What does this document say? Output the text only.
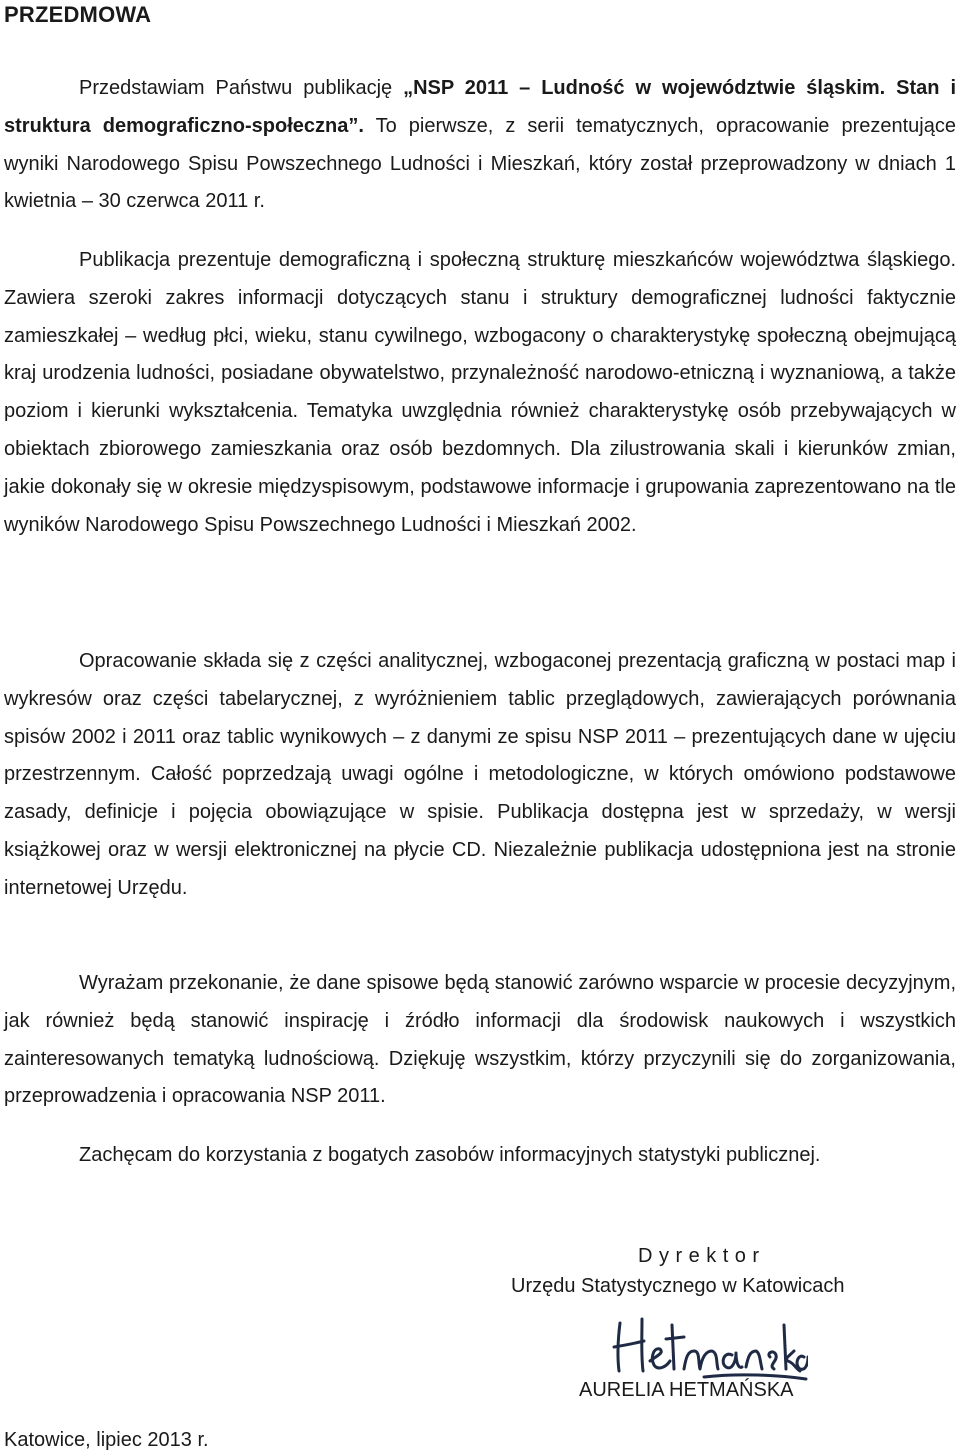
PRZEDMOWA

Przedstawiam Państwu publikację „NSP 2011 – Ludność w województwie śląskim. Stan i struktura demograficzno-społeczna”. To pierwsze, z serii tematycznych, opracowanie prezentujące wyniki Narodowego Spisu Powszechnego Ludności i Mieszkań, który został przeprowadzony w dniach 1 kwietnia – 30 czerwca 2011 r.

Publikacja prezentuje demograficzną i społeczną strukturę mieszkańców województwa śląskiego. Zawiera szeroki zakres informacji dotyczących stanu i struktury demograficznej ludności faktycznie zamieszkałej – według płci, wieku, stanu cywilnego, wzbogacony o charakterystykę społeczną obejmującą kraj urodzenia ludności, posiadane obywatelstwo, przynależność narodowo-etniczną i wyznaniową, a także poziom i kierunki wykształcenia. Tematyka uwzględnia również charakterystykę osób przebywających w obiektach zbiorowego zamieszkania oraz osób bezdomnych. Dla zilustrowania skali i kierunków zmian, jakie dokonały się w okresie międzyspisowym, podstawowe informacje i grupowania zaprezentowano na tle wyników Narodowego Spisu Powszechnego Ludności i Mieszkań 2002.

Opracowanie składa się z części analitycznej, wzbogaconej prezentacją graficzną w postaci map i wykresów oraz części tabelarycznej, z wyróżnieniem tablic przeglądowych, zawierających porównania spisów 2002 i 2011 oraz tablic wynikowych – z danymi ze spisu NSP 2011 – prezentujących dane w ujęciu przestrzennym. Całość poprzedzają uwagi ogólne i metodologiczne, w których omówiono podstawowe zasady, definicje i pojęcia obowiązujące w spisie. Publikacja dostępna jest w sprzedaży, w wersji książkowej oraz w wersji elektronicznej na płycie CD. Niezależnie publikacja udostępniona jest na stronie internetowej Urzędu.

Wyrażam przekonanie, że dane spisowe będą stanowić zarówno wsparcie w procesie decyzyjnym, jak również będą stanowić inspirację i źródło informacji dla środowisk naukowych i wszystkich zainteresowanych tematyką ludnościową. Dziękuję wszystkim, którzy przyczynili się do zorganizowania, przeprowadzenia i opracowania NSP 2011.

Zachęcam do korzystania z bogatych zasobów informacyjnych statystyki publicznej.

Dyrektor

Urzędu Statystycznego w Katowicach

AURELIA HETMAŃSKA

Katowice, lipiec 2013 r.
